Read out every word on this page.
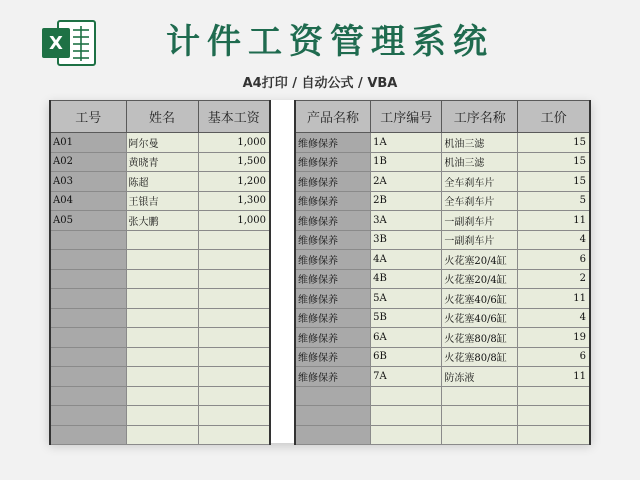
X	计件工资管理系统
A4打印 / 自动公式 / VBA
工号	姓名	基本工资
A01	阿尔曼	1,000
A02	黄晓青	1,500
A03	陈超	1,200
A04	王银吉	1,300
A05	张大鹏	1,000

产品名称	工序编号	工序名称	工价
维修保养	1A	机油三滤	15
维修保养	1B	机油三滤	15
维修保养	2A	全车刹车片	15
维修保养	2B	全车刹车片	5
维修保养	3A	一副刹车片	11
维修保养	3B	一副刹车片	4
维修保养	4A	火花塞20/4缸	6
维修保养	4B	火花塞20/4缸	2
维修保养	5A	火花塞40/6缸	11
维修保养	5B	火花塞40/6缸	4
维修保养	6A	火花塞80/8缸	19
维修保养	6B	火花塞80/8缸	6
维修保养	7A	防冻液	11
